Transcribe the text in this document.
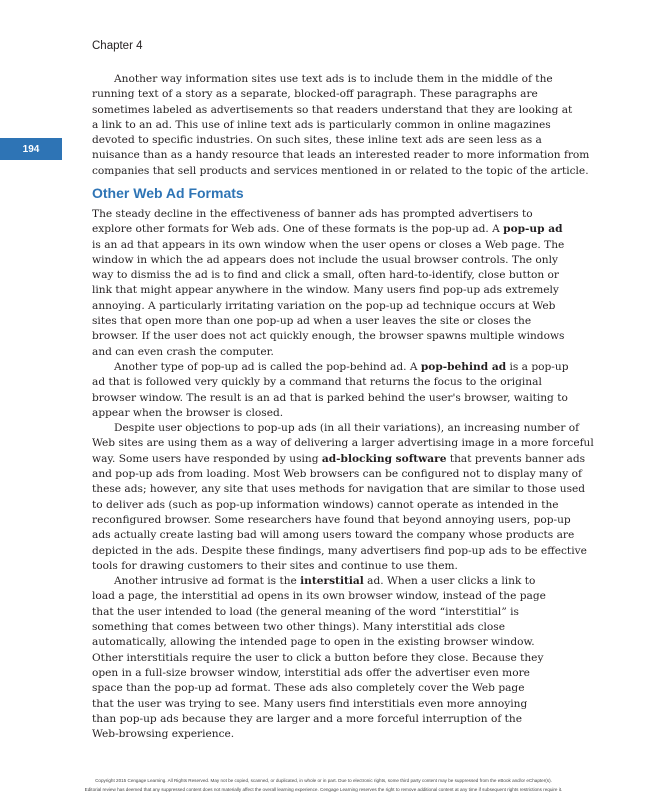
Chapter 4
194
Another way information sites use text ads is to include them in the middle of the
running text of a story as a separate, blocked-off paragraph. These paragraphs are
sometimes labeled as advertisements so that readers understand that they are looking at
a link to an ad. This use of inline text ads is particularly common in online magazines
devoted to specific industries. On such sites, these inline text ads are seen less as a
nuisance than as a handy resource that leads an interested reader to more information from
companies that sell products and services mentioned in or related to the topic of the article.
Other Web Ad Formats
The steady decline in the effectiveness of banner ads has prompted advertisers to
explore other formats for Web ads. One of these formats is the pop-up ad. A pop-up ad
is an ad that appears in its own window when the user opens or closes a Web page. The
window in which the ad appears does not include the usual browser controls. The only
way to dismiss the ad is to find and click a small, often hard-to-identify, close button or
link that might appear anywhere in the window. Many users find pop-up ads extremely
annoying. A particularly irritating variation on the pop-up ad technique occurs at Web
sites that open more than one pop-up ad when a user leaves the site or closes the
browser. If the user does not act quickly enough, the browser spawns multiple windows
and can even crash the computer.
Another type of pop-up ad is called the pop-behind ad. A pop-behind ad is a pop-up
ad that is followed very quickly by a command that returns the focus to the original
browser window. The result is an ad that is parked behind the user's browser, waiting to
appear when the browser is closed.
Despite user objections to pop-up ads (in all their variations), an increasing number of
Web sites are using them as a way of delivering a larger advertising image in a more forceful
way. Some users have responded by using ad-blocking software that prevents banner ads
and pop-up ads from loading. Most Web browsers can be configured not to display many of
these ads; however, any site that uses methods for navigation that are similar to those used
to deliver ads (such as pop-up information windows) cannot operate as intended in the
reconfigured browser. Some researchers have found that beyond annoying users, pop-up
ads actually create lasting bad will among users toward the company whose products are
depicted in the ads. Despite these findings, many advertisers find pop-up ads to be effective
tools for drawing customers to their sites and continue to use them.
Another intrusive ad format is the interstitial ad. When a user clicks a link to
load a page, the interstitial ad opens in its own browser window, instead of the page
that the user intended to load (the general meaning of the word “interstitial” is
something that comes between two other things). Many interstitial ads close
automatically, allowing the intended page to open in the existing browser window.
Other interstitials require the user to click a button before they close. Because they
open in a full-size browser window, interstitial ads offer the advertiser even more
space than the pop-up ad format. These ads also completely cover the Web page
that the user was trying to see. Many users find interstitials even more annoying
than pop-up ads because they are larger and a more forceful interruption of the
Web-browsing experience.
Copyright 2015 Cengage Learning. All Rights Reserved. May not be copied, scanned, or duplicated, in whole or in part. Due to electronic rights, some third party content may be suppressed from the eBook and/or eChapter(s).
Editorial review has deemed that any suppressed content does not materially affect the overall learning experience. Cengage Learning reserves the right to remove additional content at any time if subsequent rights restrictions require it.
